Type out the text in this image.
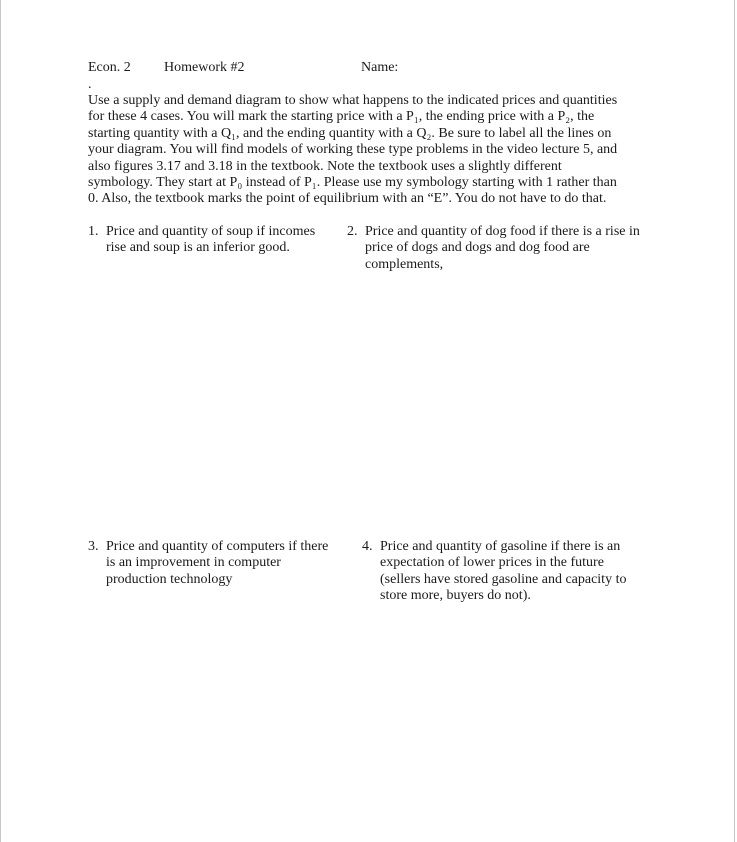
Econ. 2 Homework #2	Name:
.

Use a supply and demand diagram to show what happens to the indicated prices and quantities

for these 4 cases. You will mark the starting price with a P₁, the ending price with a P₂, the

starting quantity with a Q₁, and the ending quantity with a Q₂. Be sure to label all the lines on

your diagram. You will find models of working these type problems in the video lecture 5, and

also figures 3.17 and 3.18 in the textbook. Note the textbook uses a slightly different

symbology. They start at P₀ instead of P₁. Please use my symbology starting with 1 rather than

0. Also, the textbook marks the point of equilibrium with an “E”. You do not have to do that.

1. Price and quantity of soup if incomes

rise and soup is an inferior good.

2. Price and quantity of dog food if there is a rise in

price of dogs and dogs and dog food are

complements,

3. Price and quantity of computers if there

is an improvement in computer

production technology

4. Price and quantity of gasoline if there is an

expectation of lower prices in the future

(sellers have stored gasoline and capacity to

store more, buyers do not).
